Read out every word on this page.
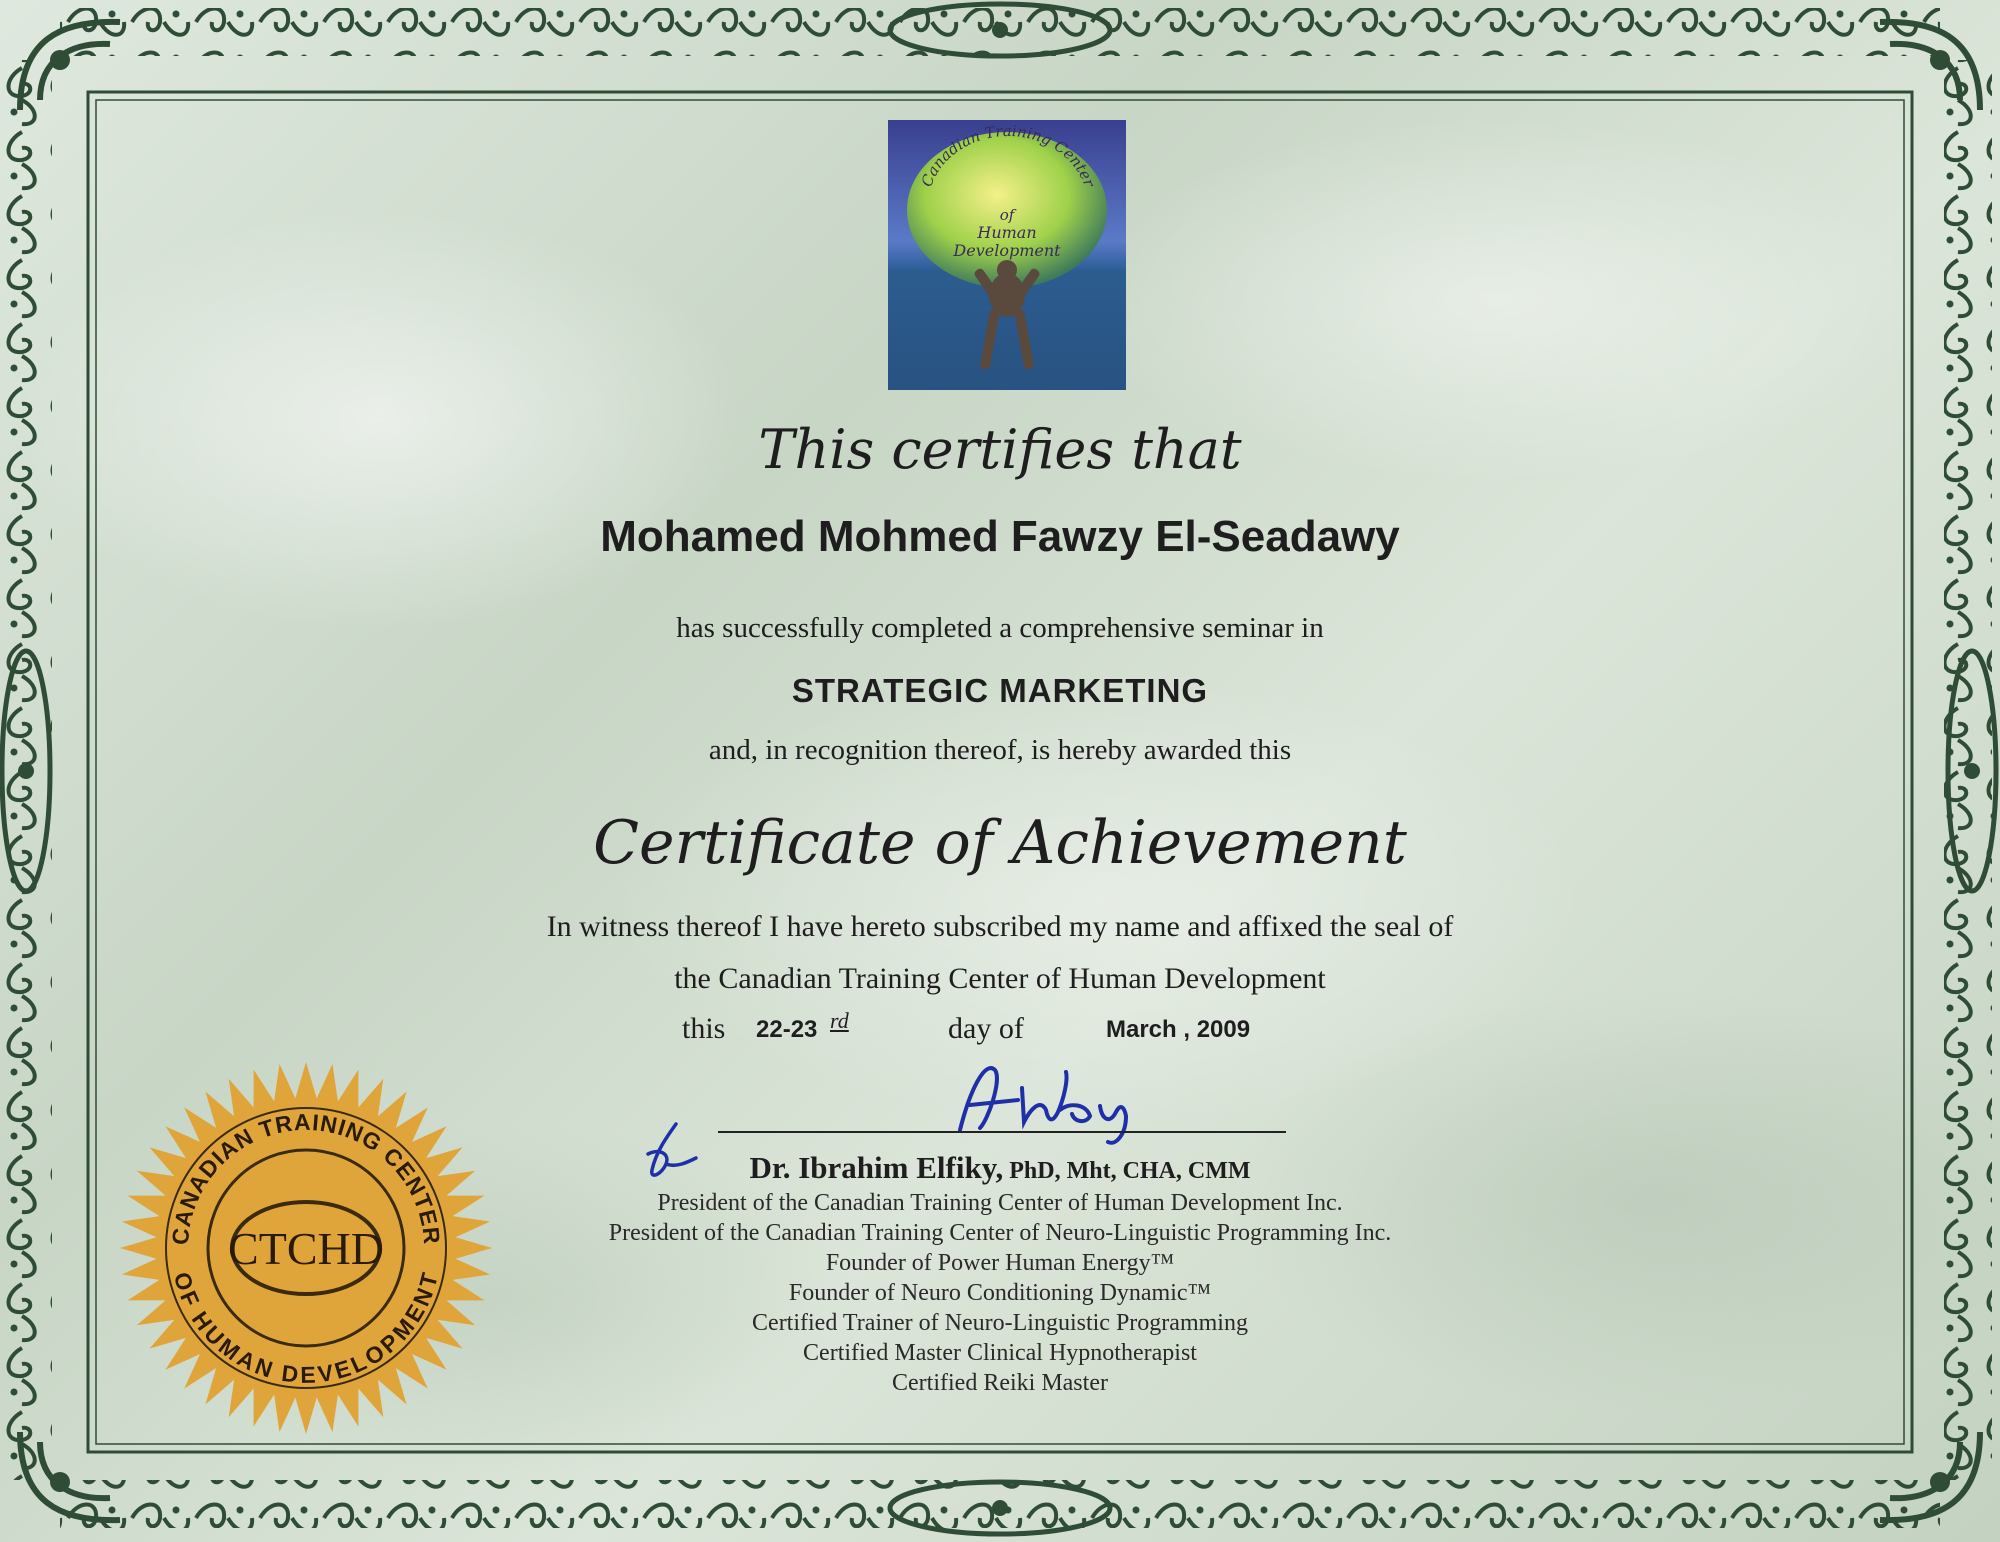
Canadian Training Center
of
Human
Development
This certifies that
Mohamed Mohmed Fawzy El-Seadawy
has successfully completed a comprehensive seminar in
STRATEGIC MARKETING
and, in recognition thereof, is hereby awarded this
Certificate of Achievement
In witness thereof I have hereto subscribed my name and affixed the seal of
the Canadian Training Center of Human Development
this 22-23 rd	day of	March , 2009
Dr. Ibrahim Elfiky, PhD, Mht, CHA, CMM
President of the Canadian Training Center of Human Development Inc.
President of the Canadian Training Center of Neuro-Linguistic Programming Inc.
Founder of Power Human Energy™
Founder of Neuro Conditioning Dynamic™
Certified Trainer of Neuro-Linguistic Programming
Certified Master Clinical Hypnotherapist
Certified Reiki Master
CANADIAN TRAINING CENTER
OF HUMAN DEVELOPMENT
CTCHD
